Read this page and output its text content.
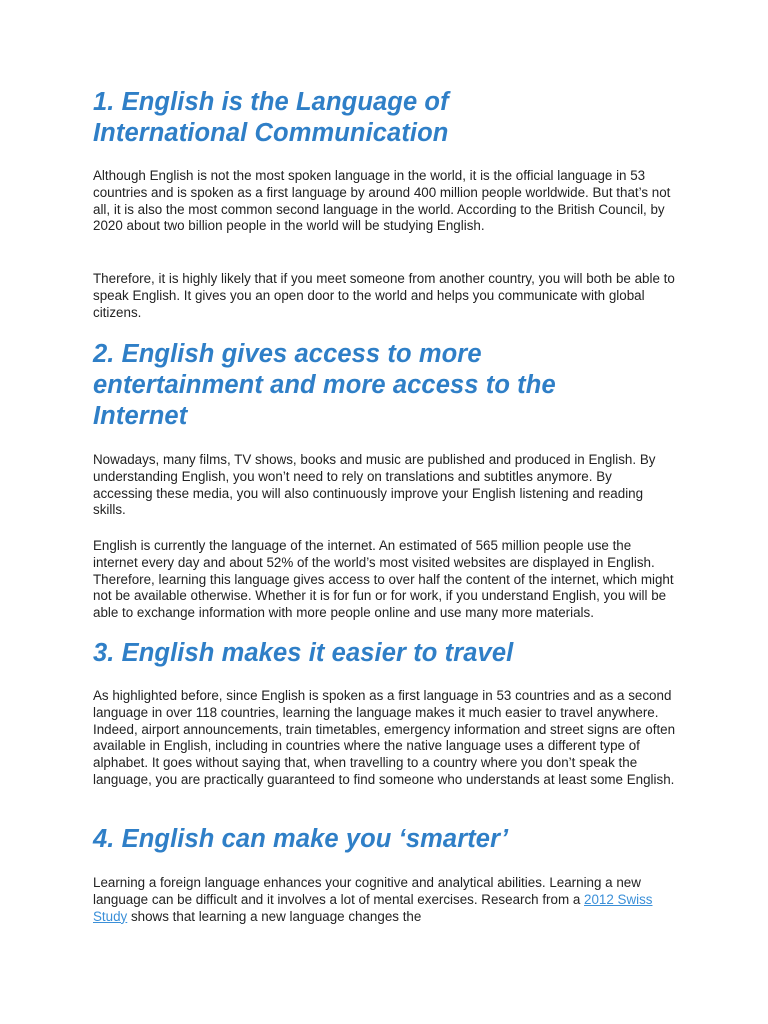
1. English is the Language of
International Communication

Although English is not the most spoken language in the world, it is the official language in 53 countries and is spoken as a first language by around 400 million people worldwide. But that’s not all, it is also the most common second language in the world. According to the British Council, by 2020 about two billion people in the world will be studying English.

Therefore, it is highly likely that if you meet someone from another country, you will both be able to speak English. It gives you an open door to the world and helps you communicate with global citizens.

2. English gives access to more
entertainment and more access to the
Internet

Nowadays, many films, TV shows, books and music are published and produced in English. By understanding English, you won’t need to rely on translations and subtitles anymore. By accessing these media, you will also continuously improve your English listening and reading skills.

English is currently the language of the internet. An estimated of 565 million people use the internet every day and about 52% of the world’s most visited websites are displayed in English. Therefore, learning this language gives access to over half the content of the internet, which might not be available otherwise. Whether it is for fun or for work, if you understand English, you will be able to exchange information with more people online and use many more materials.

3. English makes it easier to travel

As highlighted before, since English is spoken as a first language in 53 countries and as a second language in over 118 countries, learning the language makes it much easier to travel anywhere. Indeed, airport announcements, train timetables, emergency information and street signs are often available in English, including in countries where the native language uses a different type of alphabet. It goes without saying that, when travelling to a country where you don’t speak the language, you are practically guaranteed to find someone who understands at least some English.

4. English can make you ‘smarter’

Learning a foreign language enhances your cognitive and analytical abilities. Learning a new language can be difficult and it involves a lot of mental exercises. Research from a 2012 Swiss Study shows that learning a new language changes the
